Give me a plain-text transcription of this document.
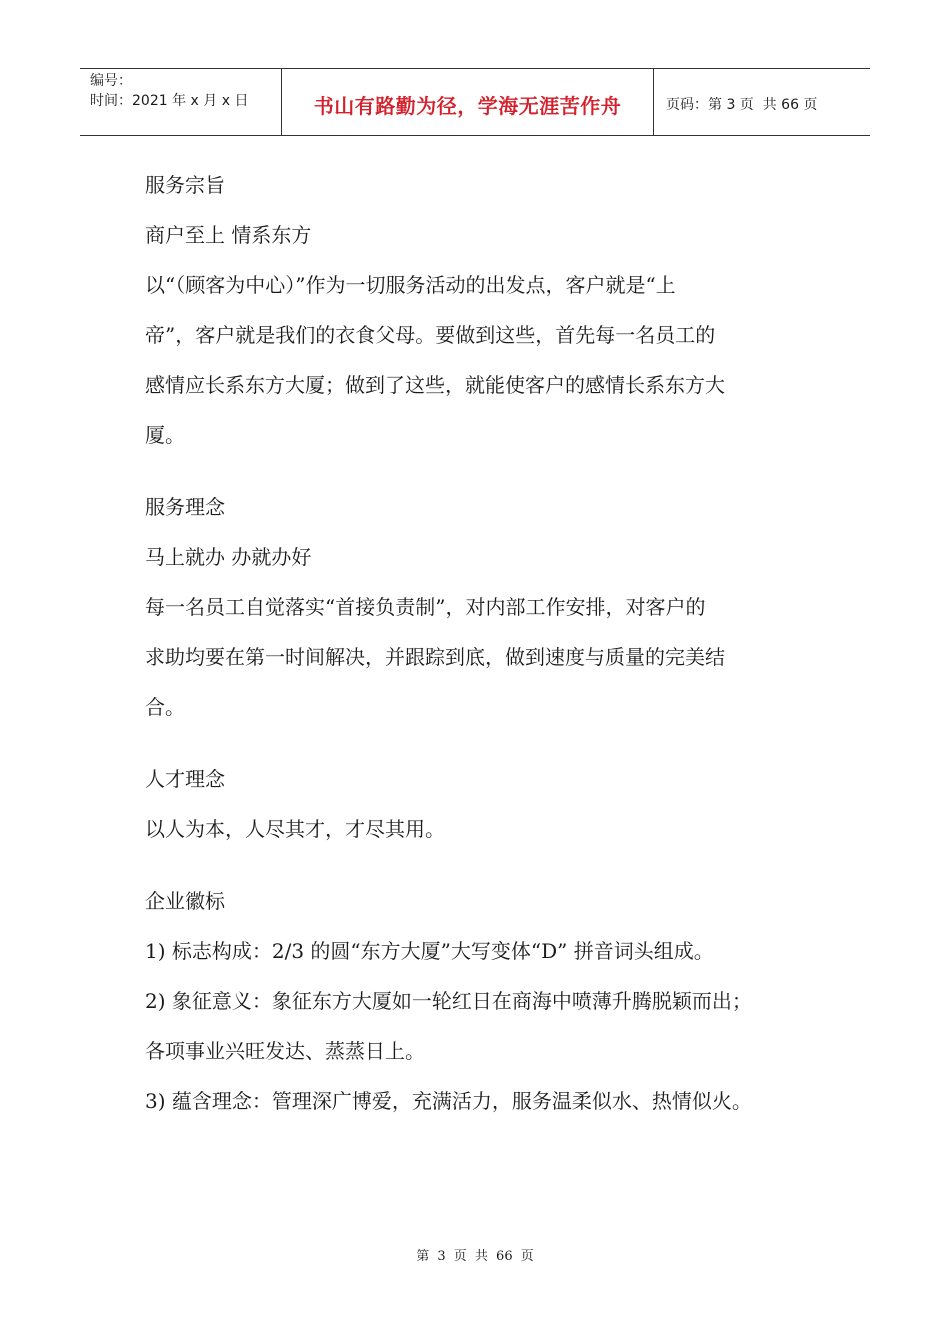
编号：
时间：2021 年 x 月 x 日	书山有路勤为径，学海无涯苦作舟	页码：第 3 页  共 66 页

服务宗旨

商户至上 情系东方

以“（顾客为中心）”作为一切服务活动的出发点，客户就是“上

帝”，客户就是我们的衣食父母。要做到这些，首先每一名员工的

感情应长系东方大厦；做到了这些，就能使客户的感情长系东方大

厦。

服务理念

马上就办 办就办好

每一名员工自觉落实“首接负责制”，对内部工作安排，对客户的

求助均要在第一时间解决，并跟踪到底，做到速度与质量的完美结

合。

人才理念

以人为本，人尽其才，才尽其用。

企业徽标

1) 标志构成：2/3 的圆“东方大厦”大写变体“D” 拼音词头组成。

2) 象征意义：象征东方大厦如一轮红日在商海中喷薄升腾脱颖而出；

各项事业兴旺发达、蒸蒸日上。

3) 蕴含理念：管理深广博爱，充满活力，服务温柔似水、热情似火。

第 3 页 共 66 页
